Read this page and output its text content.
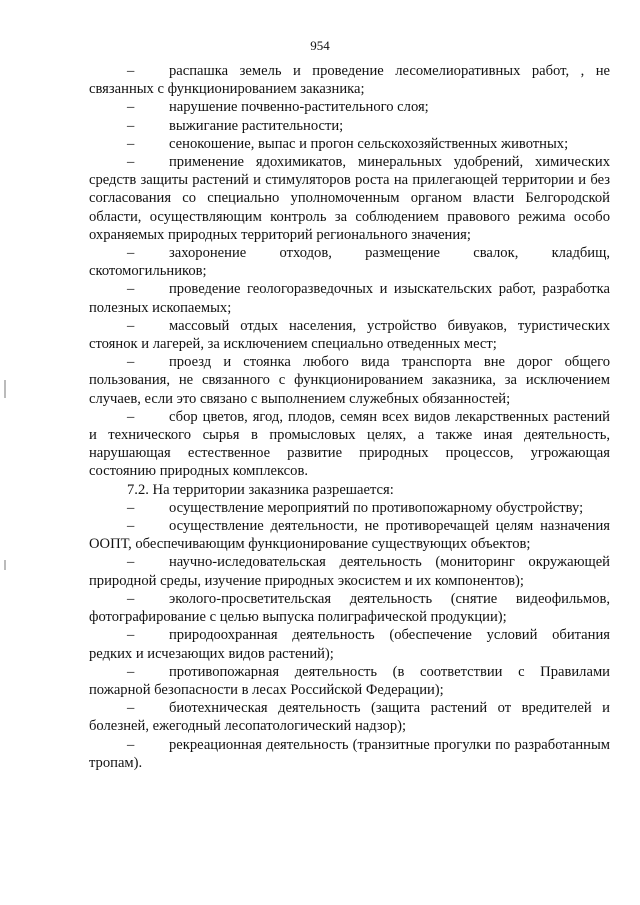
954

– распашка земель и проведение лесомелиоративных работ, , не связанных с функционированием заказника;

– нарушение почвенно-растительного слоя;

– выжигание растительности;

– сенокошение, выпас и прогон сельскохозяйственных животных;

– применение ядохимикатов, минеральных удобрений, химических средств защиты растений и стимуляторов роста на прилегающей территории и без согласования со специально уполномоченным органом власти Белгородской области, осуществляющим контроль за соблюдением правового режима особо охраняемых природных территорий регионального значения;

– захоронение отходов, размещение свалок, кладбищ, скотомогильников;

– проведение геологоразведочных и изыскательских работ, разработка полезных ископаемых;

– массовый отдых населения, устройство бивуаков, туристических стоянок и лагерей, за исключением специально отведенных мест;

– проезд и стоянка любого вида транспорта вне дорог общего пользования, не связанного с функционированием заказника, за исключением случаев, если это связано с выполнением служебных обязанностей;

– сбор цветов, ягод, плодов, семян всех видов лекарственных растений и технического сырья в промысловых целях, а также иная деятельность, нарушающая естественное развитие природных процессов, угрожающая состоянию природных комплексов.

7.2. На территории заказника разрешается:

– осуществление мероприятий по противопожарному обустройству;

– осуществление деятельности, не противоречащей целям назначения ООПТ, обеспечивающим функционирование существующих объектов;

– научно-иследовательская деятельность (мониторинг окружающей природной среды, изучение природных экосистем и их компонентов);

– эколого-просветительская деятельность (снятие видеофильмов, фотографирование с целью выпуска полиграфической продукции);

– природоохранная деятельность (обеспечение условий обитания редких и исчезающих видов растений);

– противопожарная деятельность (в соответствии с Правилами пожарной безопасности в лесах Российской Федерации);

– биотехническая деятельность (защита растений от вредителей и болезней, ежегодный лесопатологический надзор);

– рекреационная деятельность (транзитные прогулки по разработанным тропам).
